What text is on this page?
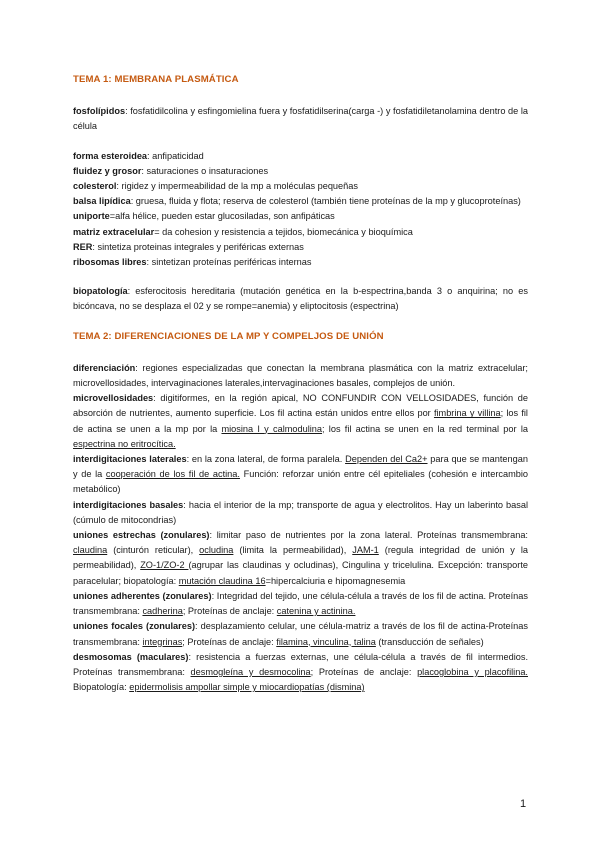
TEMA 1: MEMBRANA PLASMÁTICA

fosfolípidos: fosfatidilcolina y esfingomielina fuera y fosfatidilserina(carga -) y fosfatidiletanolamina dentro de la célula

forma esteroidea: anfipaticidad

fluidez y grosor: saturaciones o insaturaciones

colesterol: rigidez y impermeabilidad de la mp a moléculas pequeñas

balsa lipídica: gruesa, fluida y flota; reserva de colesterol (también tiene proteínas de la mp y glucoproteínas)

uniporte=alfa hélice, pueden estar glucosiladas, son anfipáticas

matriz extracelular= da cohesion y resistencia a tejidos, biomecánica y bioquímica

RER: sintetiza proteinas integrales y periféricas externas

ribosomas libres: sintetizan proteínas periféricas internas

biopatología: esferocitosis hereditaria (mutación genética en la b-espectrina,banda 3 o anquirina; no es bicóncava, no se desplaza el 02 y se rompe=anemia) y eliptocitosis (espectrina)

TEMA 2: DIFERENCIACIONES DE LA MP Y COMPELJOS DE UNIÓN

diferenciación: regiones especializadas que conectan la membrana plasmática con la matriz extracelular; microvellosidades, intervaginaciones laterales,intervaginaciones basales, complejos de unión.

microvellosidades: digitiformes, en la región apical, NO CONFUNDIR CON VELLOSIDADES, función de absorción de nutrientes, aumento superficie. Los fil actina están unidos entre ellos por fimbrina y villina; los fil de actina se unen a la mp por la miosina I y calmodulina; los fil actina se unen en la red terminal por la espectrina no eritrocítica.

interdigitaciones laterales: en la zona lateral, de forma paralela. Dependen del Ca2+ para que se mantengan y de la cooperación de los fil de actina. Función: reforzar unión entre cél epiteliales (cohesión e intercambio metabólico)

interdigitaciones basales: hacia el interior de la mp; transporte de agua y electrolitos. Hay un laberinto basal (cúmulo de mitocondrias)

uniones estrechas (zonulares): limitar paso de nutrientes por la zona lateral. Proteínas transmembrana: claudina (cinturón reticular), ocludina (limita la permeabilidad), JAM-1 (regula integridad de unión y la permeabilidad), ZO-1/ZO-2 (agrupar las claudinas y ocludinas), Cingulina y tricelulina. Excepción: transporte paracelular; biopatología: mutación claudina 16=hipercalciuria e hipomagnesemia

uniones adherentes (zonulares): Integridad del tejido, une célula-célula a través de los fil de actina. Proteínas transmembrana: cadherina; Proteínas de anclaje: catenina y actinina.

uniones focales (zonulares): desplazamiento celular, une célula-matriz a través de los fil de actina-Proteínas transmembrana: integrinas; Proteínas de anclaje: filamina, vinculina, talina (transducción de señales)

desmosomas (maculares): resistencia a fuerzas externas, une célula-célula a través de fil intermedios. Proteínas transmembrana: desmogleína y desmocolina; Proteínas de anclaje: placoglobina y placofilina. Biopatología: epidermolisis ampollar simple y miocardiopatías (dismina)

1
